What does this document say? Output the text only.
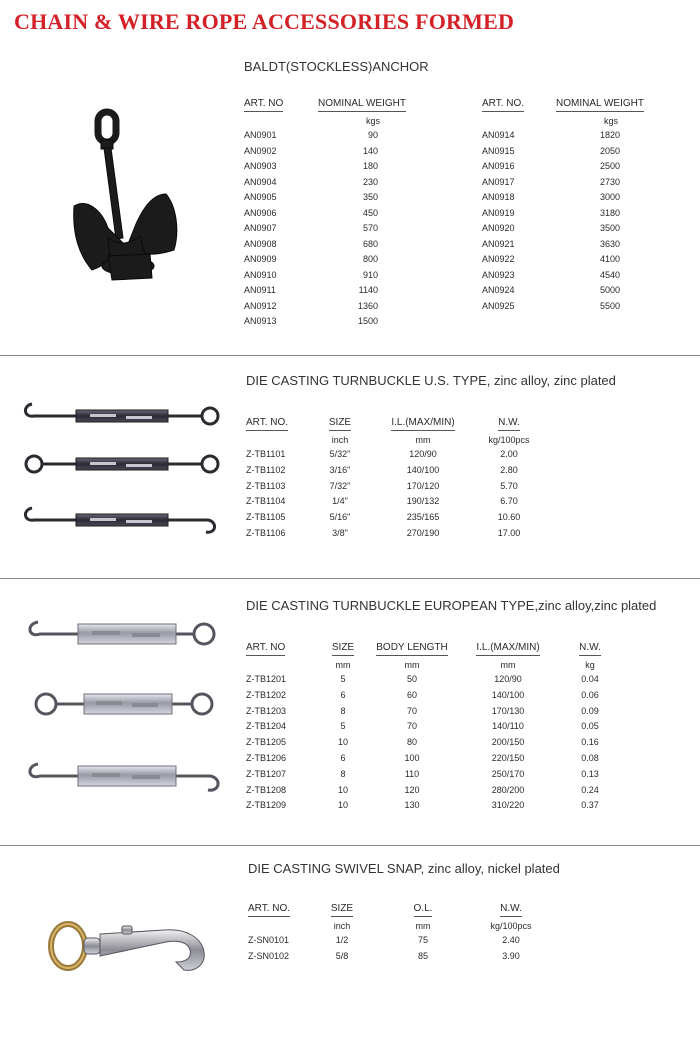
CHAIN & WIRE ROPE ACCESSORIES FORMED
BALDT(STOCKLESS)ANCHOR
ART. NO

AN0901
AN0902
AN0903
AN0904
AN0905
AN0906
AN0907
AN0908
AN0909
AN0910
AN0911
AN0912
AN0913
NOMINAL WEIGHT
kgs
90
140
180
230
350
450
570
680
800
910
1140
1360
1500
ART. NO.

AN0914
AN0915
AN0916
AN0917
AN0918
AN0919
AN0920
AN0921
AN0922
AN0923
AN0924
AN0925
NOMINAL WEIGHT
kgs
1820
2050
2500
2730
3000
3180
3500
3630
4100
4540
5000
5500
DIE CASTING TURNBUCKLE U.S. TYPE, zinc alloy, zinc plated
ART. NO.

Z-TB1101
Z-TB1102
Z-TB1103
Z-TB1104
Z-TB1105
Z-TB1106
SIZE
inch
5/32"
3/16"
7/32"
1/4"
5/16"
3/8"
I.L.(MAX/MIN)
mm
120/90
140/100
170/120
190/132
235/165
270/190
N.W.
kg/100pcs
2.00
2.80
5.70
6.70
10.60
17.00
DIE CASTING TURNBUCKLE EUROPEAN TYPE,zinc alloy,zinc plated
ART. NO

Z-TB1201
Z-TB1202
Z-TB1203
Z-TB1204
Z-TB1205
Z-TB1206
Z-TB1207
Z-TB1208
Z-TB1209
SIZE
mm
5
6
8
5
10
6
8
10
10
BODY LENGTH
mm
50
60
70
70
80
100
110
120
130
I.L.(MAX/MIN)
mm
120/90
140/100
170/130
140/110
200/150
220/150
250/170
280/200
310/220
N.W.
kg
0.04
0.06
0.09
0.05
0.16
0.08
0.13
0.24
0.37
DIE CASTING SWIVEL SNAP, zinc alloy, nickel plated
ART. NO.

Z-SN0101
Z-SN0102
SIZE
inch
1/2
5/8
O.L.
mm
75
85
N.W.
kg/100pcs
2.40
3.90
